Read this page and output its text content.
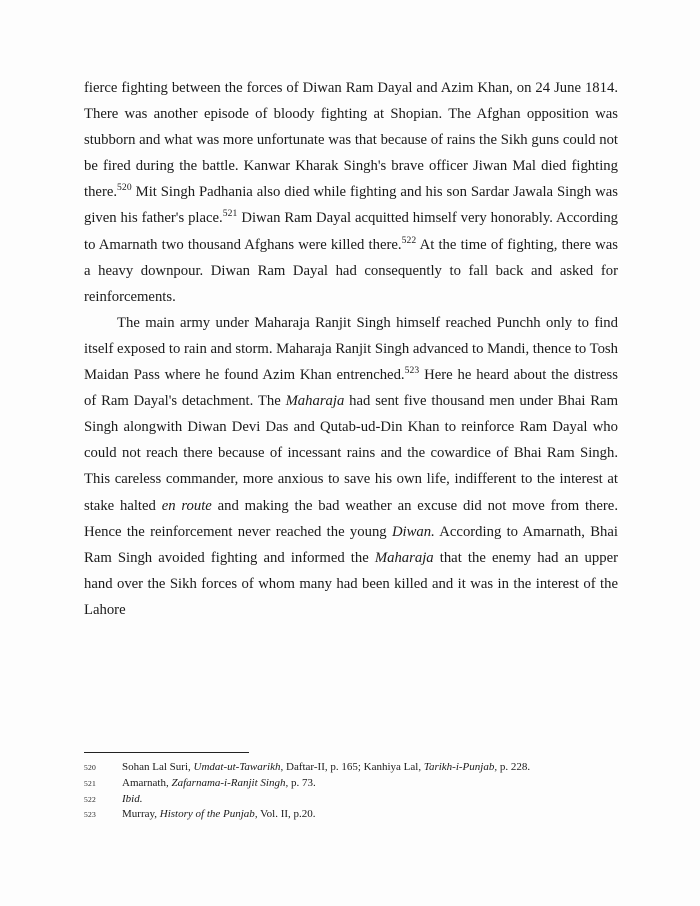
fierce fighting between the forces of Diwan Ram Dayal and Azim Khan, on 24 June 1814. There was another episode of bloody fighting at Shopian. The Afghan opposition was stubborn and what was more unfortunate was that because of rains the Sikh guns could not be fired during the battle. Kanwar Kharak Singh's brave officer Jiwan Mal died fighting there.$^{520}$ Mit Singh Padhania also died while fighting and his son Sardar Jawala Singh was given his father's place.$^{521}$ Diwan Ram Dayal acquitted himself very honorably. According to Amarnath two thousand Afghans were killed there.$^{522}$ At the time of fighting, there was a heavy downpour. Diwan Ram Dayal had consequently to fall back and asked for reinforcements.

The main army under Maharaja Ranjit Singh himself reached Punchh only to find itself exposed to rain and storm. Maharaja Ranjit Singh advanced to Mandi, thence to Tosh Maidan Pass where he found Azim Khan entrenched.$^{523}$ Here he heard about the distress of Ram Dayal's detachment. The Maharaja had sent five thousand men under Bhai Ram Singh alongwith Diwan Devi Das and Qutab-ud-Din Khan to reinforce Ram Dayal who could not reach there because of incessant rains and the cowardice of Bhai Ram Singh. This careless commander, more anxious to save his own life, indifferent to the interest at stake halted en route and making the bad weather an excuse did not move from there. Hence the reinforcement never reached the young Diwan. According to Amarnath, Bhai Ram Singh avoided fighting and informed the Maharaja that the enemy had an upper hand over the Sikh forces of whom many had been killed and it was in the interest of the Lahore

520	Sohan Lal Suri, Umdat-ut-Tawarikh, Daftar-II, p. 165; Kanhiya Lal, Tarikh-i-Punjab, p. 228.
521	Amarnath, Zafarnama-i-Ranjit Singh, p. 73.
522	Ibid.
523	Murray, History of the Punjab, Vol. II, p.20.
